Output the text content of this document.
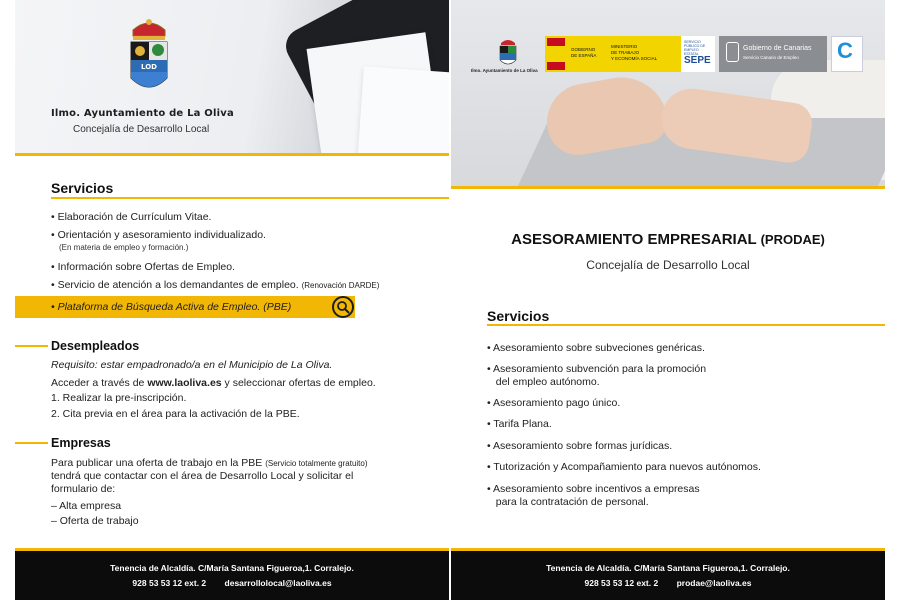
LOD
Ilmo. Ayuntamiento de La Oliva
Concejalía de Desarrollo Local
Servicios
• Elaboración de Currículum Vitae.
• Orientación y asesoramiento individualizado.
(En materia de empleo y formación.)
• Información sobre Ofertas de Empleo.
• Servicio de atención a los demandantes de empleo. (Renovación DARDE)
• Plataforma de Búsqueda Activa de Empleo. (PBE)
Desempleados
Requisito: estar empadronado/a en el Municipio de La Oliva.
Acceder a través de www.laoliva.es y seleccionar ofertas de empleo.
1. Realizar la pre-inscripción.
2. Cita previa en el área para la activación de la PBE.
Empresas
Para publicar una oferta de trabajo en la PBE (Servicio totalmente gratuito)
tendrá que contactar con el área de Desarrollo Local y solicitar el
formulario de:
– Alta empresa
– Oferta de trabajo
Tenencia de Alcaldía. C/María Santana Figueroa,1. Corralejo.
928 53 53 12 ext. 2 desarrollolocal@laoliva.es
Ilmo. Ayuntamiento de La Oliva
GOBIERNO
DE ESPAÑA
MINISTERIO
DE TRABAJO
Y ECONOMÍA SOCIAL
SERVICIO PÚBLICO DE EMPLEO ESTATAL
SEPE
Gobierno de Canarias
Servicio Canario de Empleo C
ASESORAMIENTO EMPRESARIAL (PRODAE)
Concejalía de Desarrollo Local
Servicios
• Asesoramiento sobre subveciones genéricas.
• Asesoramiento subvención para la promoción
del empleo autónomo.
• Asesoramiento pago único.
• Tarifa Plana.
• Asesoramiento sobre formas jurídicas.
• Tutorización y Acompañamiento para nuevos autónomos.
• Asesoramiento sobre incentivos a empresas
para la contratación de personal.
Tenencia de Alcaldía. C/María Santana Figueroa,1. Corralejo.
928 53 53 12 ext. 2 prodae@laoliva.es
